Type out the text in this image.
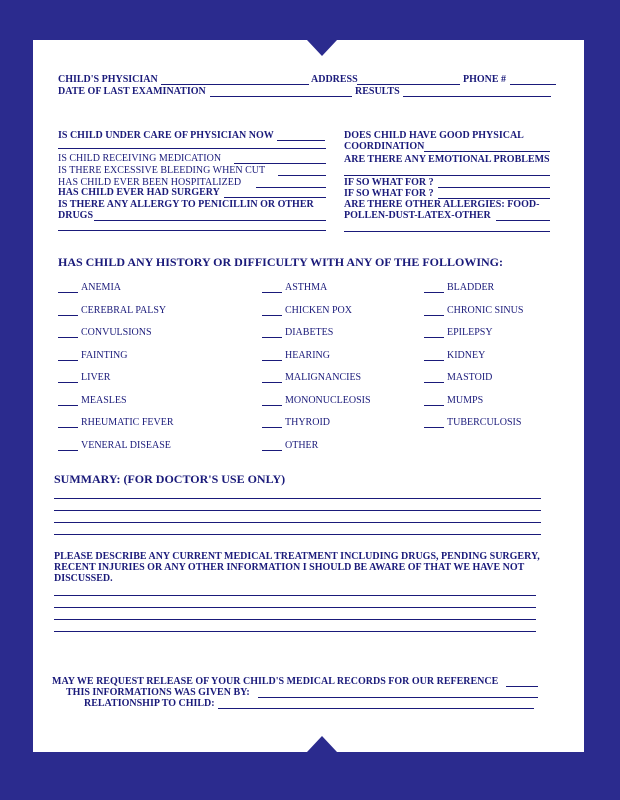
CHILD'S PHYSICIAN	ADDRESS	PHONE #
DATE OF LAST EXAMINATION	RESULTS
IS CHILD UNDER CARE OF PHYSICIAN NOW
IS CHILD RECEIVING MEDICATION
IS THERE EXCESSIVE BLEEDING WHEN CUT
HAS CHILD EVER BEEN HOSPITALIZED
HAS CHILD EVER HAD SURGERY
IS THERE ANY ALLERGY TO PENICILLIN OR OTHER
DRUGS
DOES CHILD HAVE GOOD PHYSICAL
COORDINATION
ARE THERE ANY EMOTIONAL PROBLEMS
IF SO WHAT FOR ?
IF SO WHAT FOR ?
ARE THERE OTHER ALLERGIES: FOOD-
POLLEN-DUST-LATEX-OTHER
HAS CHILD ANY HISTORY OR DIFFICULTY WITH ANY OF THE FOLLOWING:
ANEMIA
CEREBRAL PALSY
CONVULSIONS
FAINTING
LIVER
MEASLES
RHEUMATIC FEVER
VENERAL DISEASE
ASTHMA
CHICKEN POX
DIABETES
HEARING
MALIGNANCIES
MONONUCLEOSIS
THYROID
OTHER
BLADDER
CHRONIC SINUS
EPILEPSY
KIDNEY
MASTOID
MUMPS
TUBERCULOSIS
SUMMARY: (FOR DOCTOR'S USE ONLY)
PLEASE DESCRIBE ANY CURRENT MEDICAL TREATMENT INCLUDING DRUGS, PENDING SURGERY,
RECENT INJURIES OR ANY OTHER INFORMATION I SHOULD BE AWARE OF THAT WE HAVE NOT
DISCUSSED.
MAY WE REQUEST RELEASE OF YOUR CHILD'S MEDICAL RECORDS FOR OUR REFERENCE
THIS INFORMATIONS WAS GIVEN BY:
RELATIONSHIP TO CHILD:
